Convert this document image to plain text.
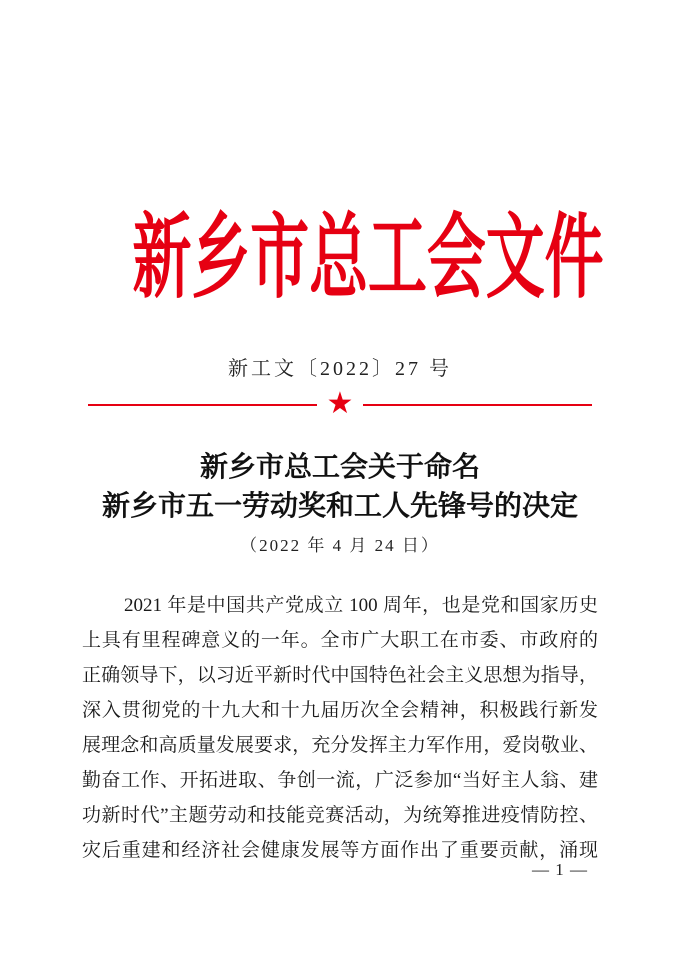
新乡市总工会文件
新工文〔2022〕27 号
★
新乡市总工会关于命名
新乡市五一劳动奖和工人先锋号的决定
（2022 年 4 月 24 日）
2021 年是中国共产党成立 100 周年，也是党和国家历史
上具有里程碑意义的一年。全市广大职工在市委、市政府的
正确领导下，以习近平新时代中国特色社会主义思想为指导，
深入贯彻党的十九大和十九届历次全会精神，积极践行新发
展理念和高质量发展要求，充分发挥主力军作用，爱岗敬业、
勤奋工作、开拓进取、争创一流，广泛参加“当好主人翁、建
功新时代”主题劳动和技能竞赛活动，为统筹推进疫情防控、
灾后重建和经济社会健康发展等方面作出了重要贡献，涌现
— 1 —
